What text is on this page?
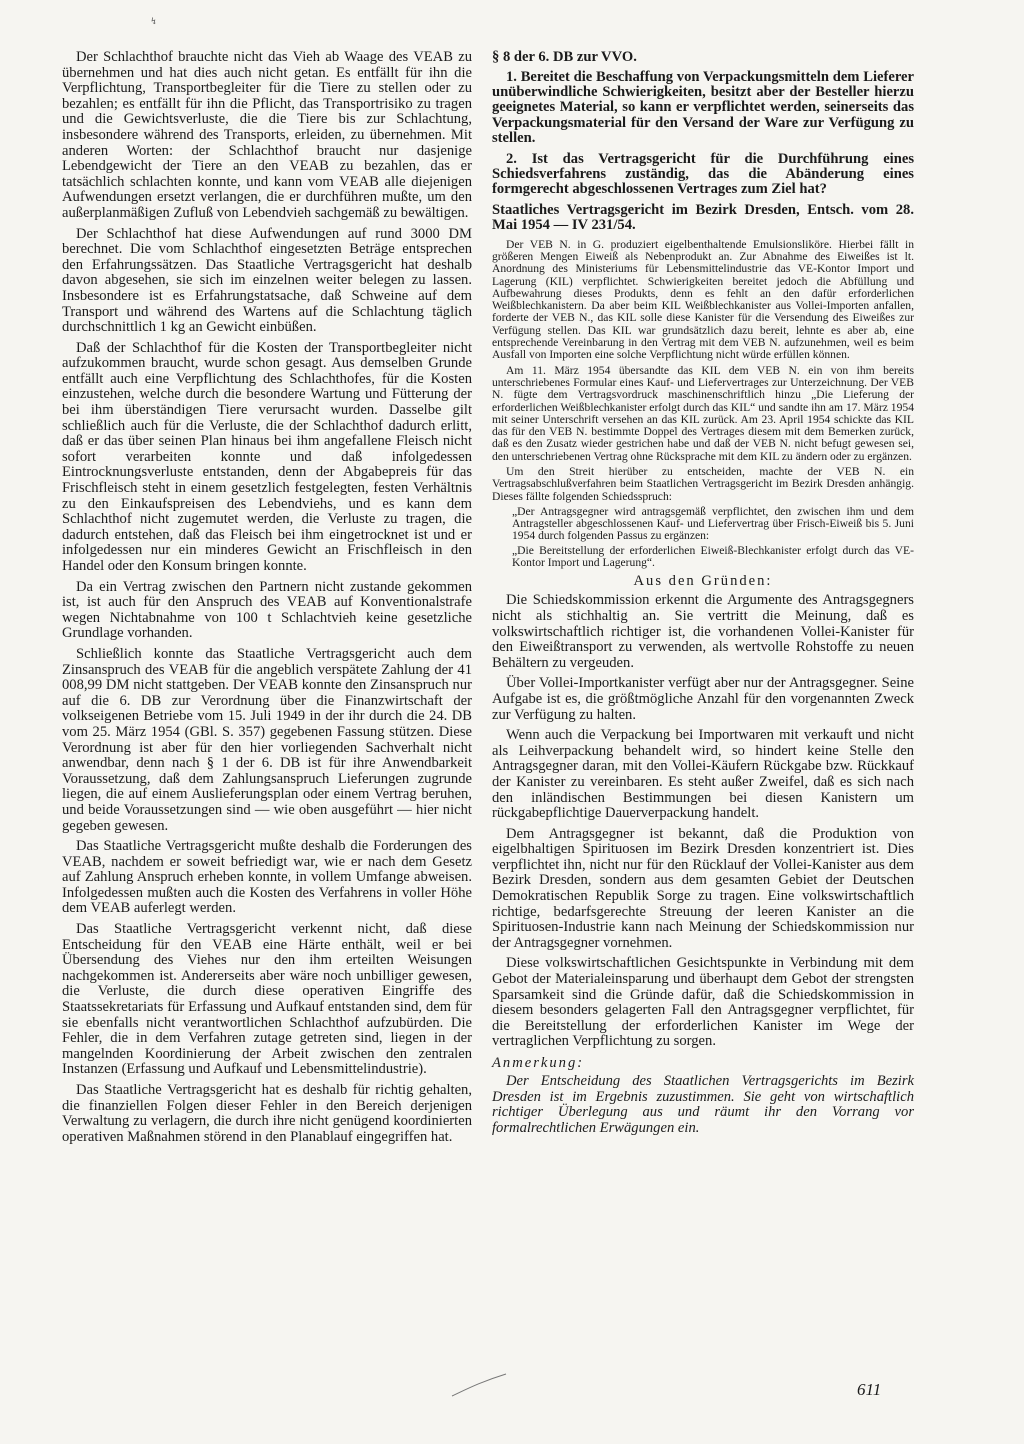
↯

Der Schlachthof brauchte nicht das Vieh ab Waage des VEAB zu übernehmen und hat dies auch nicht getan. Es entfällt für ihn die Verpflichtung, Transportbegleiter für die Tiere zu stellen oder zu bezahlen; es entfällt für ihn die Pflicht, das Transportrisiko zu tragen und die Gewichtsverluste, die die Tiere bis zur Schlachtung, insbesondere während des Transports, erleiden, zu übernehmen. Mit anderen Worten: der Schlachthof braucht nur dasjenige Lebendgewicht der Tiere an den VEAB zu bezahlen, das er tatsächlich schlachten konnte, und kann vom VEAB alle diejenigen Aufwendungen ersetzt verlangen, die er durchführen mußte, um den außerplanmäßigen Zufluß von Lebendvieh sachgemäß zu bewältigen.

Der Schlachthof hat diese Aufwendungen auf rund 3000 DM berechnet. Die vom Schlachthof eingesetzten Beträge entsprechen den Erfahrungssätzen. Das Staatliche Vertragsgericht hat deshalb davon abgesehen, sie sich im einzelnen weiter belegen zu lassen. Insbesondere ist es Erfahrungstatsache, daß Schweine auf dem Transport und während des Wartens auf die Schlachtung täglich durchschnittlich 1 kg an Gewicht einbüßen.

Daß der Schlachthof für die Kosten der Transportbegleiter nicht aufzukommen braucht, wurde schon gesagt. Aus demselben Grunde entfällt auch eine Verpflichtung des Schlachthofes, für die Kosten einzustehen, welche durch die besondere Wartung und Fütterung der bei ihm überständigen Tiere verursacht wurden. Dasselbe gilt schließlich auch für die Verluste, die der Schlachthof dadurch erlitt, daß er das über seinen Plan hinaus bei ihm angefallene Fleisch nicht sofort verarbeiten konnte und daß infolgedessen Eintrocknungsverluste entstanden, denn der Abgabepreis für das Frischfleisch steht in einem gesetzlich festgelegten, festen Verhältnis zu den Einkaufspreisen des Lebendviehs, und es kann dem Schlachthof nicht zugemutet werden, die Verluste zu tragen, die dadurch entstehen, daß das Fleisch bei ihm eingetrocknet ist und er infolgedessen nur ein minderes Gewicht an Frischfleisch in den Handel oder den Konsum bringen konnte.

Da ein Vertrag zwischen den Partnern nicht zustande gekommen ist, ist auch für den Anspruch des VEAB auf Konventionalstrafe wegen Nichtabnahme von 100 t Schlachtvieh keine gesetzliche Grundlage vorhanden.

Schließlich konnte das Staatliche Vertragsgericht auch dem Zinsanspruch des VEAB für die angeblich verspätete Zahlung der 41 008,99 DM nicht stattgeben. Der VEAB konnte den Zinsanspruch nur auf die 6. DB zur Verordnung über die Finanzwirtschaft der volkseigenen Betriebe vom 15. Juli 1949 in der ihr durch die 24. DB vom 25. März 1954 (GBl. S. 357) gegebenen Fassung stützen. Diese Verordnung ist aber für den hier vorliegenden Sachverhalt nicht anwendbar, denn nach § 1 der 6. DB ist für ihre Anwendbarkeit Voraussetzung, daß dem Zahlungsanspruch Lieferungen zugrunde liegen, die auf einem Auslieferungsplan oder einem Vertrag beruhen, und beide Voraussetzungen sind — wie oben ausgeführt — hier nicht gegeben gewesen.

Das Staatliche Vertragsgericht mußte deshalb die Forderungen des VEAB, nachdem er soweit befriedigt war, wie er nach dem Gesetz auf Zahlung Anspruch erheben konnte, in vollem Umfange abweisen. Infolgedessen mußten auch die Kosten des Verfahrens in voller Höhe dem VEAB auferlegt werden.

Das Staatliche Vertragsgericht verkennt nicht, daß diese Entscheidung für den VEAB eine Härte enthält, weil er bei Übersendung des Viehes nur den ihm erteilten Weisungen nachgekommen ist. Andererseits aber wäre noch unbilliger gewesen, die Verluste, die durch diese operativen Eingriffe des Staatssekretariats für Erfassung und Aufkauf entstanden sind, dem für sie ebenfalls nicht verantwortlichen Schlachthof aufzubürden. Die Fehler, die in dem Verfahren zutage getreten sind, liegen in der mangelnden Koordinierung der Arbeit zwischen den zentralen Instanzen (Erfassung und Aufkauf und Lebensmittelindustrie).

Das Staatliche Vertragsgericht hat es deshalb für richtig gehalten, die finanziellen Folgen dieser Fehler in den Bereich derjenigen Verwaltung zu verlagern, die durch ihre nicht genügend koordinierten operativen Maßnahmen störend in den Planablauf eingegriffen hat.

§ 8 der 6. DB zur VVO.

1. Bereitet die Beschaffung von Verpackungsmitteln dem Lieferer unüberwindliche Schwierigkeiten, besitzt aber der Besteller hierzu geeignetes Material, so kann er verpflichtet werden, seinerseits das Verpackungsmaterial für den Versand der Ware zur Verfügung zu stellen.

2. Ist das Vertragsgericht für die Durchführung eines Schiedsverfahrens zuständig, das die Abänderung eines formgerecht abgeschlossenen Vertrages zum Ziel hat?

Staatliches Vertragsgericht im Bezirk Dresden, Entsch. vom 28. Mai 1954 — IV 231/54.

Der VEB N. in G. produziert eigelbenthaltende Emulsionsliköre. Hierbei fällt in größeren Mengen Eiweiß als Nebenprodukt an. Zur Abnahme des Eiweißes ist lt. Anordnung des Ministeriums für Lebensmittelindustrie das VE-Kontor Import und Lagerung (KIL) verpflichtet. Schwierigkeiten bereitet jedoch die Abfüllung und Aufbewahrung dieses Produkts, denn es fehlt an den dafür erforderlichen Weißblechkanistern. Da aber beim KIL Weißblechkanister aus Vollei-Importen anfallen, forderte der VEB N., das KIL solle diese Kanister für die Versendung des Eiweißes zur Verfügung stellen. Das KIL war grundsätzlich dazu bereit, lehnte es aber ab, eine entsprechende Vereinbarung in den Vertrag mit dem VEB N. aufzunehmen, weil es beim Ausfall von Importen eine solche Verpflichtung nicht würde erfüllen können.

Am 11. März 1954 übersandte das KIL dem VEB N. ein von ihm bereits unterschriebenes Formular eines Kauf- und Liefervertrages zur Unterzeichnung. Der VEB N. fügte dem Vertragsvordruck maschinenschriftlich hinzu „Die Lieferung der erforderlichen Weißblechkanister erfolgt durch das KIL“ und sandte ihn am 17. März 1954 mit seiner Unterschrift versehen an das KIL zurück. Am 23. April 1954 schickte das KIL das für den VEB N. bestimmte Doppel des Vertrages diesem mit dem Bemerken zurück, daß es den Zusatz wieder gestrichen habe und daß der VEB N. nicht befugt gewesen sei, den unterschriebenen Vertrag ohne Rücksprache mit dem KIL zu ändern oder zu ergänzen.

Um den Streit hierüber zu entscheiden, machte der VEB N. ein Vertragsabschlußverfahren beim Staatlichen Vertragsgericht im Bezirk Dresden anhängig. Dieses fällte folgenden Schiedsspruch:

„Der Antragsgegner wird antragsgemäß verpflichtet, den zwischen ihm und dem Antragsteller abgeschlossenen Kauf- und Liefervertrag über Frisch-Eiweiß bis 5. Juni 1954 durch folgenden Passus zu ergänzen:

„Die Bereitstellung der erforderlichen Eiweiß-Blechkanister erfolgt durch das VE-Kontor Import und Lagerung“.

Aus den Gründen:

Die Schiedskommission erkennt die Argumente des Antragsgegners nicht als stichhaltig an. Sie vertritt die Meinung, daß es volkswirtschaftlich richtiger ist, die vorhandenen Vollei-Kanister für den Eiweißtransport zu verwenden, als wertvolle Rohstoffe zu neuen Behältern zu vergeuden.

Über Vollei-Importkanister verfügt aber nur der Antragsgegner. Seine Aufgabe ist es, die größtmögliche Anzahl für den vorgenannten Zweck zur Verfügung zu halten.

Wenn auch die Verpackung bei Importwaren mit verkauft und nicht als Leihverpackung behandelt wird, so hindert keine Stelle den Antragsgegner daran, mit den Vollei-Käufern Rückgabe bzw. Rückkauf der Kanister zu vereinbaren. Es steht außer Zweifel, daß es sich nach den inländischen Bestimmungen bei diesen Kanistern um rückgabepflichtige Dauerverpackung handelt.

Dem Antragsgegner ist bekannt, daß die Produktion von eigelbhaltigen Spirituosen im Bezirk Dresden konzentriert ist. Dies verpflichtet ihn, nicht nur für den Rücklauf der Vollei-Kanister aus dem Bezirk Dresden, sondern aus dem gesamten Gebiet der Deutschen Demokratischen Republik Sorge zu tragen. Eine volkswirtschaftlich richtige, bedarfsgerechte Streuung der leeren Kanister an die Spirituosen-Industrie kann nach Meinung der Schiedskommission nur der Antragsgegner vornehmen.

Diese volkswirtschaftlichen Gesichtspunkte in Verbindung mit dem Gebot der Materialeinsparung und überhaupt dem Gebot der strengsten Sparsamkeit sind die Gründe dafür, daß die Schiedskommission in diesem besonders gelagerten Fall den Antragsgegner verpflichtet, für die Bereitstellung der erforderlichen Kanister im Wege der vertraglichen Verpflichtung zu sorgen.

Anmerkung:

Der Entscheidung des Staatlichen Vertragsgerichts im Bezirk Dresden ist im Ergebnis zuzustimmen. Sie geht von wirtschaftlich richtiger Überlegung aus und räumt ihr den Vorrang vor formalrechtlichen Erwägungen ein.

611
